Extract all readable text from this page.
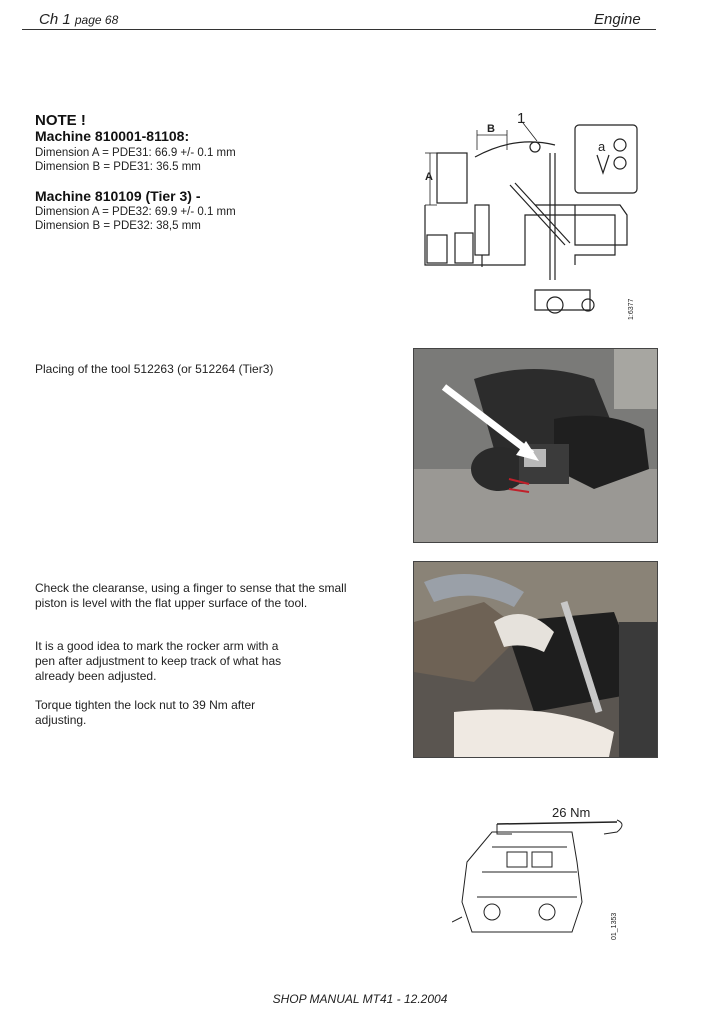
Ch 1 page 68	Engine
NOTE !
Machine 810001-81108:
Dimension A = PDE31: 66.9 +/- 0.1 mm
Dimension B = PDE31: 36.5 mm
Machine 810109 (Tier 3) -
Dimension A = PDE32: 69.9 +/- 0.1 mm
Dimension B = PDE32: 38,5 mm
A
B
1
a
1:6377
Placing of the tool 512263 (or 512264 (Tier3)
Check the clearanse, using a finger to sense that the small
piston is level with the flat upper surface of the tool.
It is a good idea to mark the rocker arm with a
pen after adjustment to keep track of what has
already been adjusted.
Torque tighten the lock nut to 39 Nm after
adjusting.
26 Nm
01_1353
SHOP MANUAL MT41 - 12.2004
